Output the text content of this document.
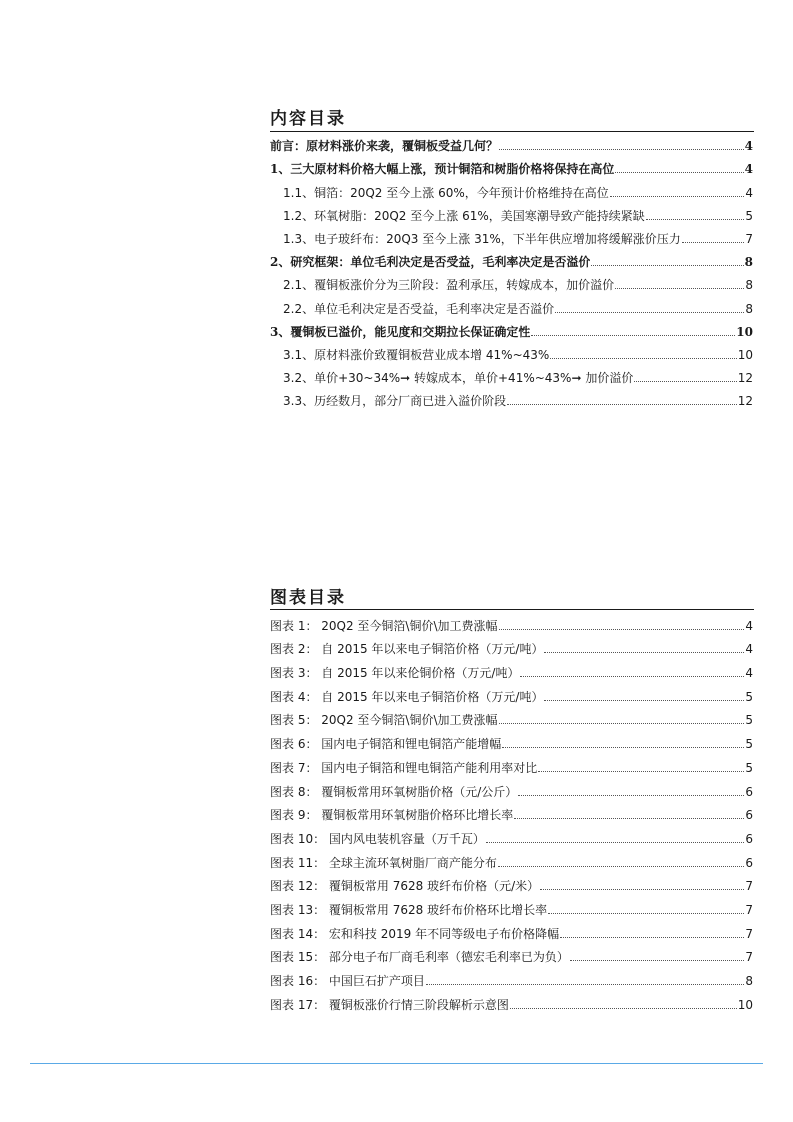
内容目录
前言：原材料涨价来袭，覆铜板受益几何？	4
1、三大原材料价格大幅上涨，预计铜箔和树脂价格将保持在高位	4
1.1、铜箔：20Q2 至今上涨 60%，今年预计价格维持在高位	4
1.2、环氧树脂：20Q2 至今上涨 61%，美国寒潮导致产能持续紧缺	5
1.3、电子玻纤布：20Q3 至今上涨 31%，下半年供应增加将缓解涨价压力	7
2、研究框架：单位毛利决定是否受益，毛利率决定是否溢价	8
2.1、覆铜板涨价分为三阶段：盈利承压，转嫁成本，加价溢价	8
2.2、单位毛利决定是否受益，毛利率决定是否溢价	8
3、覆铜板已溢价，能见度和交期拉长保证确定性	10
3.1、原材料涨价致覆铜板营业成本增 41%~43%	10
3.2、单价+30~34%➞ 转嫁成本，单价+41%~43%➞ 加价溢价	12
3.3、历经数月，部分厂商已进入溢价阶段	12
图表目录
图表 1： 20Q2 至今铜箔\铜价\加工费涨幅	4
图表 2： 自 2015 年以来电子铜箔价格（万元/吨）	4
图表 3： 自 2015 年以来伦铜价格（万元/吨）	4
图表 4： 自 2015 年以来电子铜箔价格（万元/吨）	5
图表 5： 20Q2 至今铜箔\铜价\加工费涨幅	5
图表 6： 国内电子铜箔和锂电铜箔产能增幅	5
图表 7： 国内电子铜箔和锂电铜箔产能利用率对比	5
图表 8： 覆铜板常用环氧树脂价格（元/公斤）	6
图表 9： 覆铜板常用环氧树脂价格环比增长率	6
图表 10： 国内风电装机容量（万千瓦）	6
图表 11： 全球主流环氧树脂厂商产能分布	6
图表 12： 覆铜板常用 7628 玻纤布价格（元/米）	7
图表 13： 覆铜板常用 7628 玻纤布价格环比增长率	7
图表 14： 宏和科技 2019 年不同等级电子布价格降幅	7
图表 15： 部分电子布厂商毛利率（德宏毛利率已为负）	7
图表 16： 中国巨石扩产项目	8
图表 17： 覆铜板涨价行情三阶段解析示意图	10
